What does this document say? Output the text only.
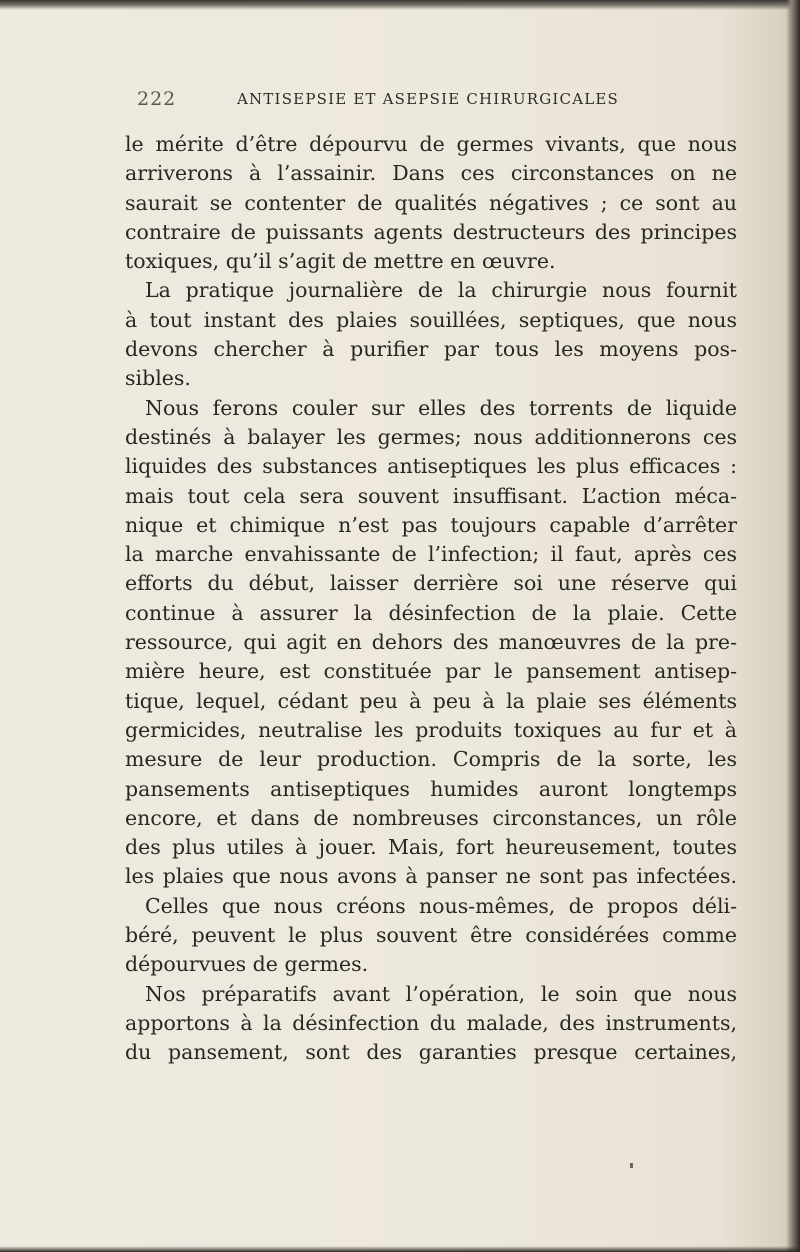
222	ANTISEPSIE ET ASEPSIE CHIRURGICALES
le mérite d’être dépourvu de germes vivants, que nous
arriverons à l’assainir. Dans ces circonstances on ne
saurait se contenter de qualités négatives ; ce sont au
contraire de puissants agents destructeurs des principes
toxiques, qu’il s’agit de mettre en œuvre.
La pratique journalière de la chirurgie nous fournit
à tout instant des plaies souillées, septiques, que nous
devons chercher à purifier par tous les moyens pos-
sibles.
Nous ferons couler sur elles des torrents de liquide
destinés à balayer les germes; nous additionnerons ces
liquides des substances antiseptiques les plus efficaces :
mais tout cela sera souvent insuffisant. L’action méca-
nique et chimique n’est pas toujours capable d’arrêter
la marche envahissante de l’infection; il faut, après ces
efforts du début, laisser derrière soi une réserve qui
continue à assurer la désinfection de la plaie. Cette
ressource, qui agit en dehors des manœuvres de la pre-
mière heure, est constituée par le pansement antisep-
tique, lequel, cédant peu à peu à la plaie ses éléments
germicides, neutralise les produits toxiques au fur et à
mesure de leur production. Compris de la sorte, les
pansements antiseptiques humides auront longtemps
encore, et dans de nombreuses circonstances, un rôle
des plus utiles à jouer. Mais, fort heureusement, toutes
les plaies que nous avons à panser ne sont pas infectées.
Celles que nous créons nous-mêmes, de propos déli-
béré, peuvent le plus souvent être considérées comme
dépourvues de germes.
Nos préparatifs avant l’opération, le soin que nous
apportons à la désinfection du malade, des instruments,
du pansement, sont des garanties presque certaines,
